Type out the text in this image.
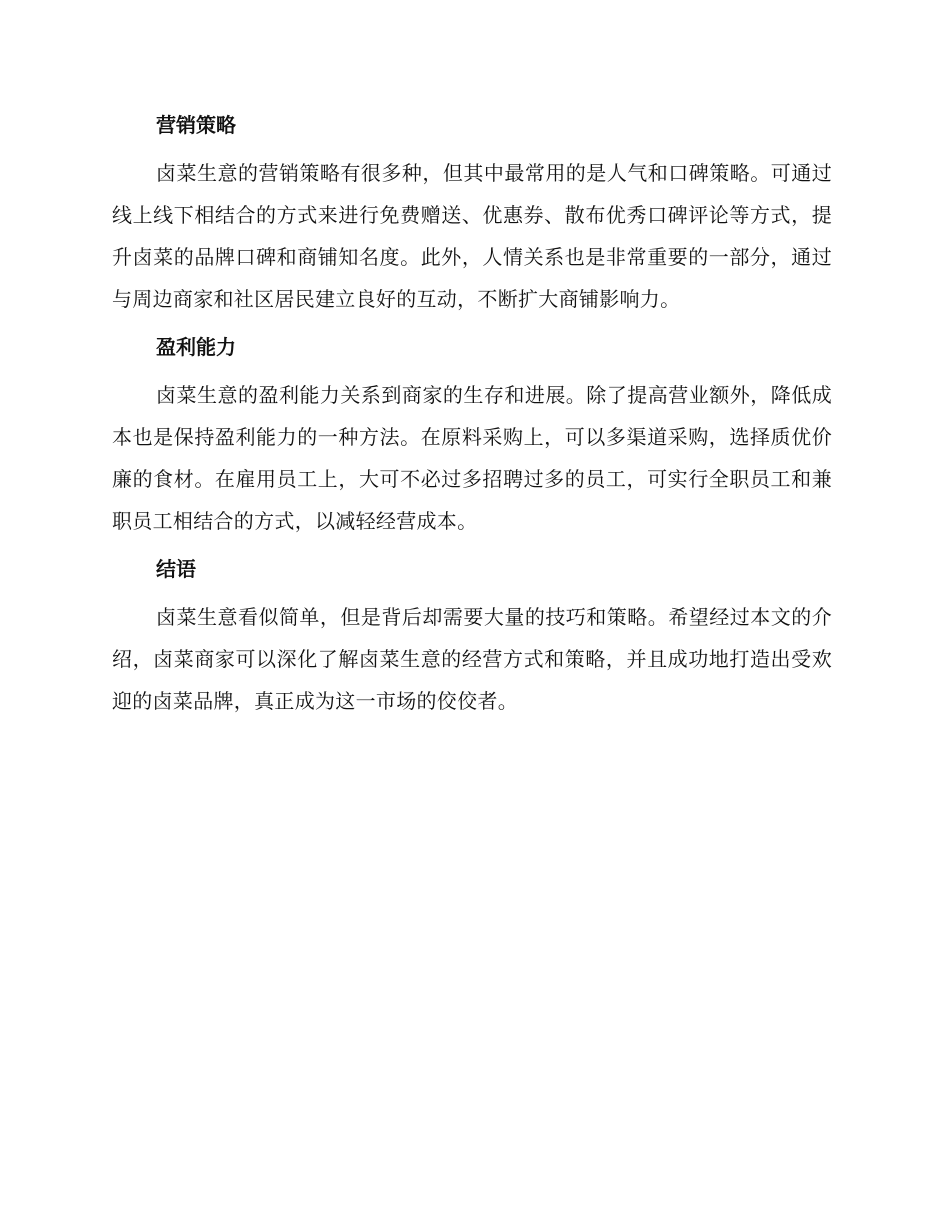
营销策略

卤菜生意的营销策略有很多种，但其中最常用的是人气和口碑策略。可通过线上线下相结合的方式来进行免费赠送、优惠券、散布优秀口碑评论等方式，提升卤菜的品牌口碑和商铺知名度。此外，人情关系也是非常重要的一部分，通过与周边商家和社区居民建立良好的互动，不断扩大商铺影响力。

盈利能力

卤菜生意的盈利能力关系到商家的生存和进展。除了提高营业额外，降低成本也是保持盈利能力的一种方法。在原料采购上，可以多渠道采购，选择质优价廉的食材。在雇用员工上，大可不必过多招聘过多的员工，可实行全职员工和兼职员工相结合的方式，以减轻经营成本。

结语

卤菜生意看似简单，但是背后却需要大量的技巧和策略。希望经过本文的介绍，卤菜商家可以深化了解卤菜生意的经营方式和策略，并且成功地打造出受欢迎的卤菜品牌，真正成为这一市场的佼佼者。
